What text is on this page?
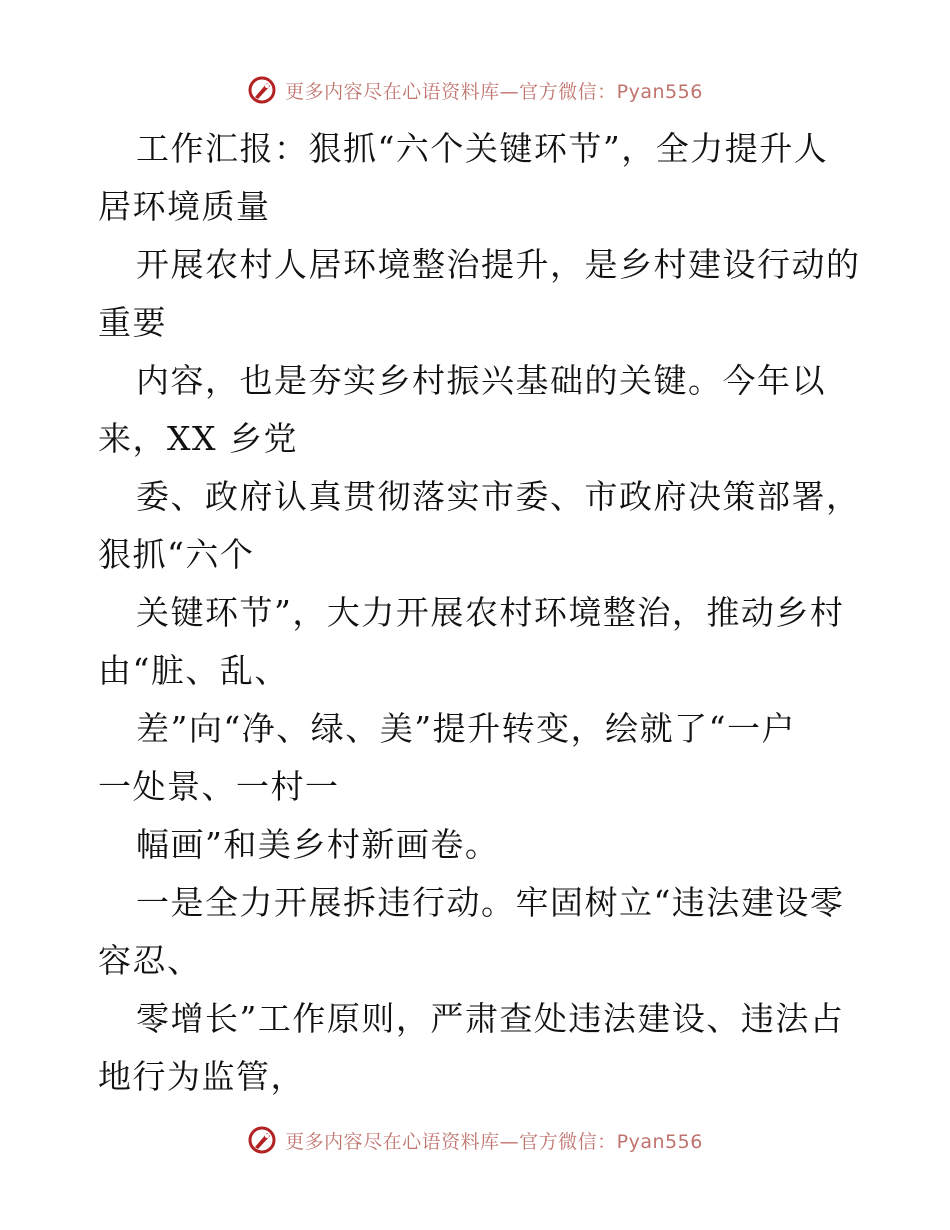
更多内容尽在心语资料库—官方微信：Pyan556
工作汇报：狠抓“六个关键环节”，全力提升人
居环境质量
开展农村人居环境整治提升，是乡村建设行动的
重要
内容，也是夯实乡村振兴基础的关键。今年以
来，XX 乡党
委、政府认真贯彻落实市委、市政府决策部署，
狠抓“六个
关键环节”，大力开展农村环境整治，推动乡村
由“脏、乱、
差”向“净、绿、美”提升转变，绘就了“一户
一处景、一村一
幅画”和美乡村新画卷。
一是全力开展拆违行动。牢固树立“违法建设零
容忍、
零增长”工作原则，严肃查处违法建设、违法占
地行为监管，
更多内容尽在心语资料库—官方微信：Pyan556
